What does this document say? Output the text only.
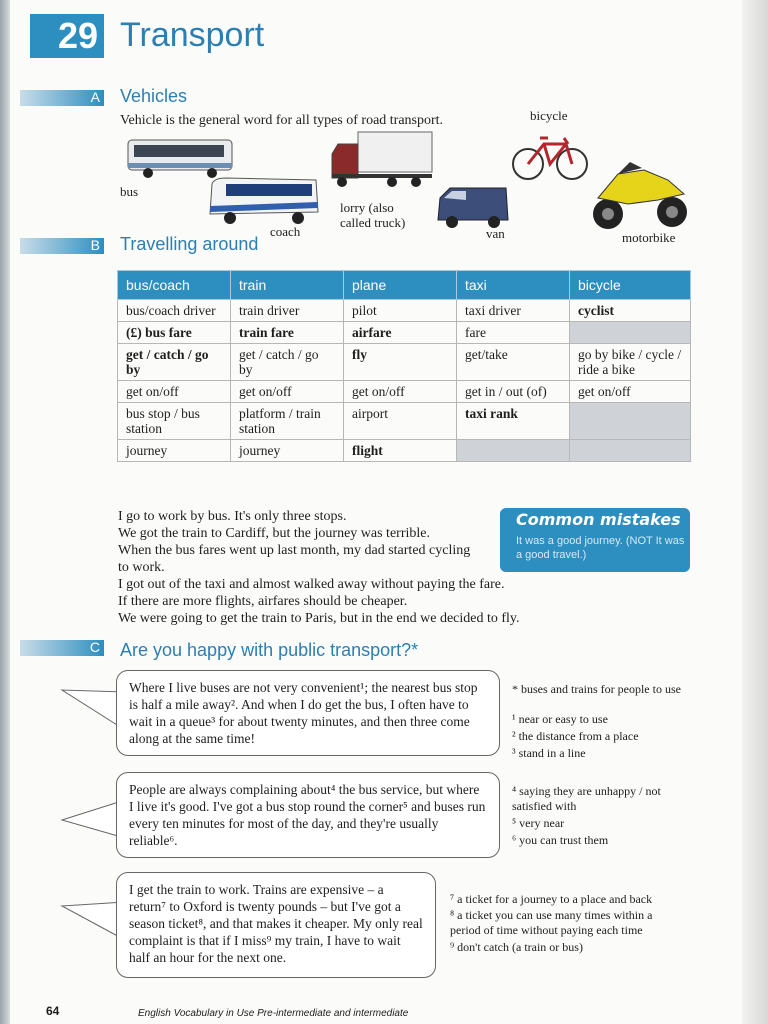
29 Transport
A Vehicles
Vehicle is the general word for all types of road transport.
bus
coach
lorry (also called truck)
van
bicycle
motorbike
B Travelling around
bus/coach	train	plane	taxi	bicycle
bus/coach driver	train driver	pilot	taxi driver	cyclist
(£) bus fare	train fare	airfare	fare	
get / catch / go by	get / catch / go by	fly	get/take	go by bike / cycle / ride a bike
get on/off	get on/off	get on/off	get in / out (of)	get on/off
bus stop / bus station	platform / train station	airport	taxi rank	
journey	journey	flight		
I go to work by bus. It's only three stops.
We got the train to Cardiff, but the journey was terrible.
When the bus fares went up last month, my dad started cycling
to work.
I got out of the taxi and almost walked away without paying the fare.
If there are more flights, airfares should be cheaper.
We were going to get the train to Paris, but in the end we decided to fly.
Common mistakes
It was a good journey. (NOT It was a good travel.)
C Are you happy with public transport?*
Where I live buses are not very convenient¹; the nearest bus stop is half a mile away². And when I do get the bus, I often have to wait in a queue³ for about twenty minutes, and then three come along at the same time!
People are always complaining about⁴ the bus service, but where I live it's good. I've got a bus stop round the corner⁵ and buses run every ten minutes for most of the day, and they're usually reliable⁶.
I get the train to work. Trains are expensive – a return⁷ to Oxford is twenty pounds – but I've got a season ticket⁸, and that makes it cheaper. My only real complaint is that if I miss⁹ my train, I have to wait half an hour for the next one.
* buses and trains for people to use
¹ near or easy to use
² the distance from a place
³ stand in a line
⁴ saying they are unhappy / not satisfied with
⁵ very near
⁶ you can trust them
⁷ a ticket for a journey to a place and back
⁸ a ticket you can use many times within a period of time without paying each time
⁹ don't catch (a train or bus)
64	English Vocabulary in Use Pre-intermediate and intermediate
